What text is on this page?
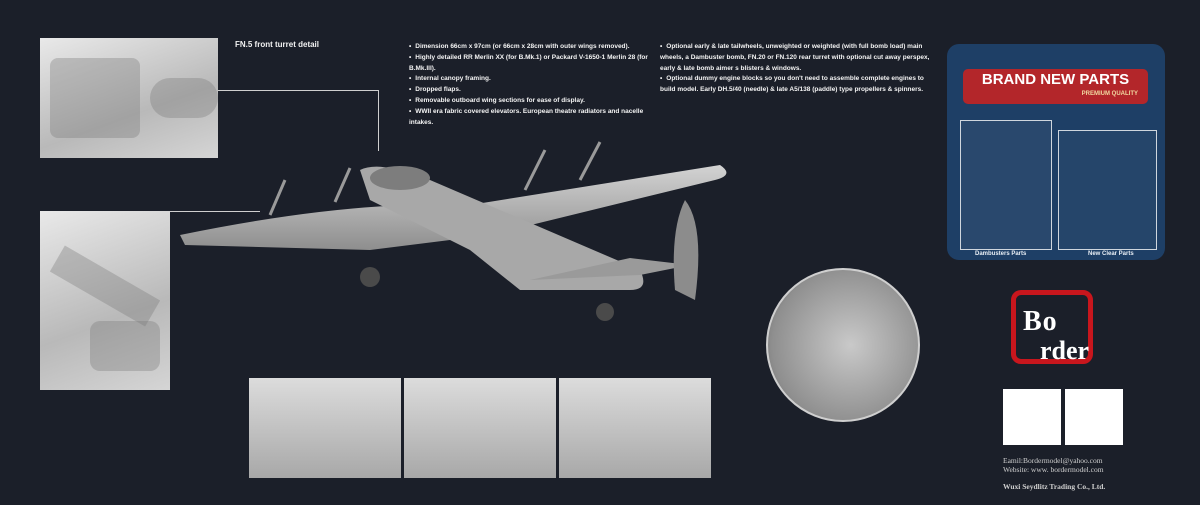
FN.5 front turret detail
•	Dimension 66cm x 97cm (or 66cm x 28cm with outer wings removed).
• Highly detailed RR Merlin XX (for B.Mk.1) or Packard V-1650-1 Merlin 28 (for B.Mk.III).
• Internal canopy framing.
• Dropped flaps.
• Removable outboard wing sections for ease of display.
• WWII era fabric covered elevators. European theatre radiators and nacelle intakes.
• Optional early & late tailwheels, unweighted or weighted (with full bomb load) main wheels, a Dambuster bomb, FN.20 or FN.120 rear turret with optional cut away perspex, early & late bomb aimer s blisters & windows.
• Optional dummy engine blocks so you don't need to assemble complete engines to build model. Early DH.5/40 (needle) & late A5/138 (paddle) type propellers & spinners.
BRAND NEW PARTS
PREMIUM QUALITY
Dambusters Parts	New Clear Parts
Bo
rder
Eamil:Bordermodel@yahoo.com
Website: www. bordermodel.com
Wuxi Seydlitz Trading Co., Ltd.
